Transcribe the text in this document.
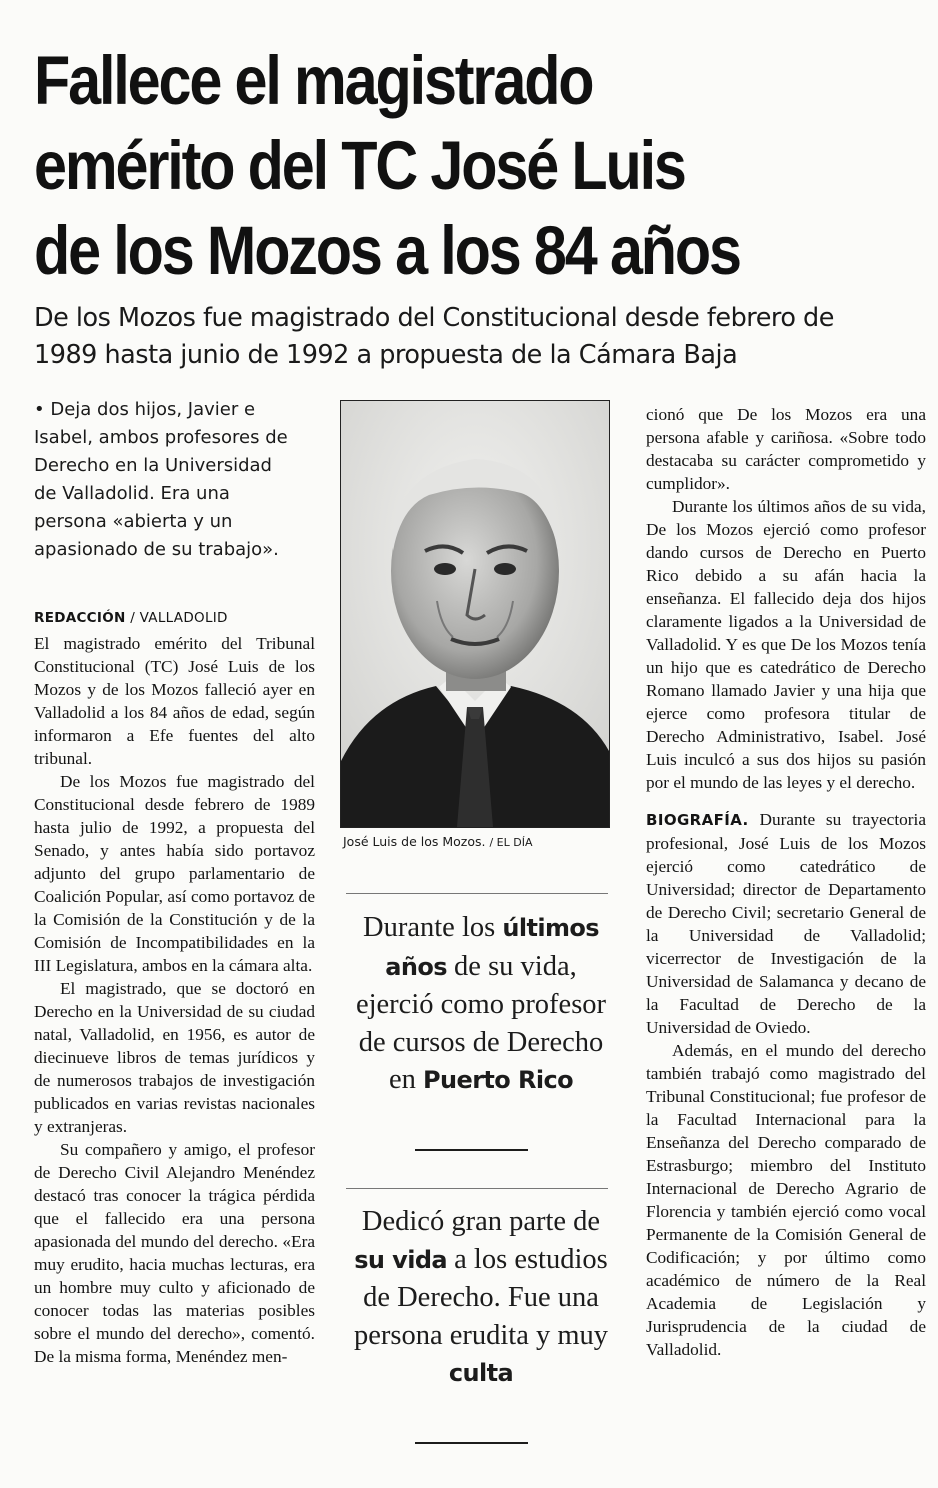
Fallece el magistrado
emérito del TC José Luis
de los Mozos a los 84 años
De los Mozos fue magistrado del Constitucional desde febrero de
1989 hasta junio de 1992 a propuesta de la Cámara Baja
• Deja dos hijos, Javier e Isabel, ambos profesores de Derecho en la Universidad de Valladolid. Era una persona «abierta y un apasionado de su trabajo».
REDACCIÓN / VALLADOLID

El magistrado emérito del Tribunal Constitucional (TC) José Luis de los Mozos y de los Mozos falleció ayer en Valladolid a los 84 años de edad, según informaron a Efe fuentes del alto tribunal.

De los Mozos fue magistrado del Constitucional desde febrero de 1989 hasta julio de 1992, a propuesta del Senado, y antes había sido portavoz adjunto del grupo parlamentario de Coalición Popular, así como portavoz de la Comisión de la Constitución y de la Comisión de Incompatibilidades en la III Legislatura, ambos en la cámara alta.

El magistrado, que se doctoró en Derecho en la Universidad de su ciudad natal, Valladolid, en 1956, es autor de diecinueve libros de temas jurídicos y de numerosos trabajos de investigación publicados en varias revistas nacionales y extranjeras.

Su compañero y amigo, el profesor de Derecho Civil Alejandro Menéndez destacó tras conocer la trágica pérdida que el fallecido era una persona apasionada del mundo del derecho. «Era muy erudito, hacia muchas lecturas, era un hombre muy culto y aficionado de conocer todas las materias posibles sobre el mundo del derecho», comentó. De la misma forma, Menéndez men-

José Luis de los Mozos. / EL DÍA
Durante los últimos años de su vida, ejerció como profesor de cursos de Derecho en Puerto Rico
Dedicó gran parte de su vida a los estudios de Derecho. Fue una persona erudita y muy culta

cionó que De los Mozos era una persona afable y cariñosa. «Sobre todo destacaba su carácter comprometido y cumplidor».

Durante los últimos años de su vida, De los Mozos ejerció como profesor dando cursos de Derecho en Puerto Rico debido a su afán hacia la enseñanza. El fallecido deja dos hijos claramente ligados a la Universidad de Valladolid. Y es que De los Mozos tenía un hijo que es catedrático de Derecho Romano llamado Javier y una hija que ejerce como profesora titular de Derecho Administrativo, Isabel. José Luis inculcó a sus dos hijos su pasión por el mundo de las leyes y el derecho.

BIOGRAFÍA. Durante su trayectoria profesional, José Luis de los Mozos ejerció como catedrático de Universidad; director de Departamento de Derecho Civil; secretario General de la Universidad de Valladolid; vicerrector de Investigación de la Universidad de Salamanca y decano de la Facultad de Derecho de la Universidad de Oviedo.

Además, en el mundo del derecho también trabajó como magistrado del Tribunal Constitucional; fue profesor de la Facultad Internacional para la Enseñanza del Derecho comparado de Estrasburgo; miembro del Instituto Internacional de Derecho Agrario de Florencia y también ejerció como vocal Permanente de la Comisión General de Codificación; y por último como académico de número de la Real Academia de Legislación y Jurisprudencia de la ciudad de Valladolid.
